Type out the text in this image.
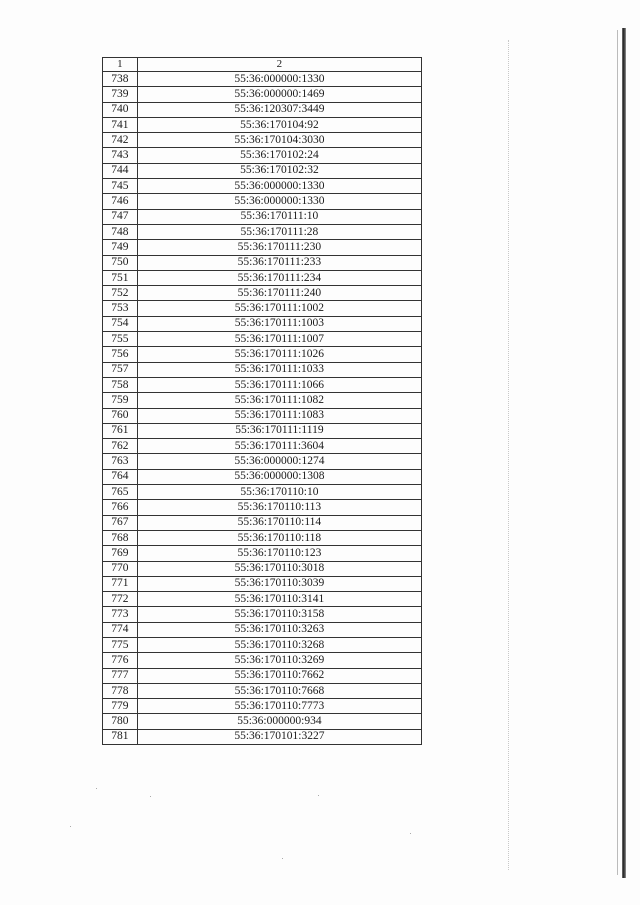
1	2
738	55:36:000000:1330
739	55:36:000000:1469
740	55:36:120307:3449
741	55:36:170104:92
742	55:36:170104:3030
743	55:36:170102:24
744	55:36:170102:32
745	55:36:000000:1330
746	55:36:000000:1330
747	55:36:170111:10
748	55:36:170111:28
749	55:36:170111:230
750	55:36:170111:233
751	55:36:170111:234
752	55:36:170111:240
753	55:36:170111:1002
754	55:36:170111:1003
755	55:36:170111:1007
756	55:36:170111:1026
757	55:36:170111:1033
758	55:36:170111:1066
759	55:36:170111:1082
760	55:36:170111:1083
761	55:36:170111:1119
762	55:36:170111:3604
763	55:36:000000:1274
764	55:36:000000:1308
765	55:36:170110:10
766	55:36:170110:113
767	55:36:170110:114
768	55:36:170110:118
769	55:36:170110:123
770	55:36:170110:3018
771	55:36:170110:3039
772	55:36:170110:3141
773	55:36:170110:3158
774	55:36:170110:3263
775	55:36:170110:3268
776	55:36:170110:3269
777	55:36:170110:7662
778	55:36:170110:7668
779	55:36:170110:7773
780	55:36:000000:934
781	55:36:170101:3227
